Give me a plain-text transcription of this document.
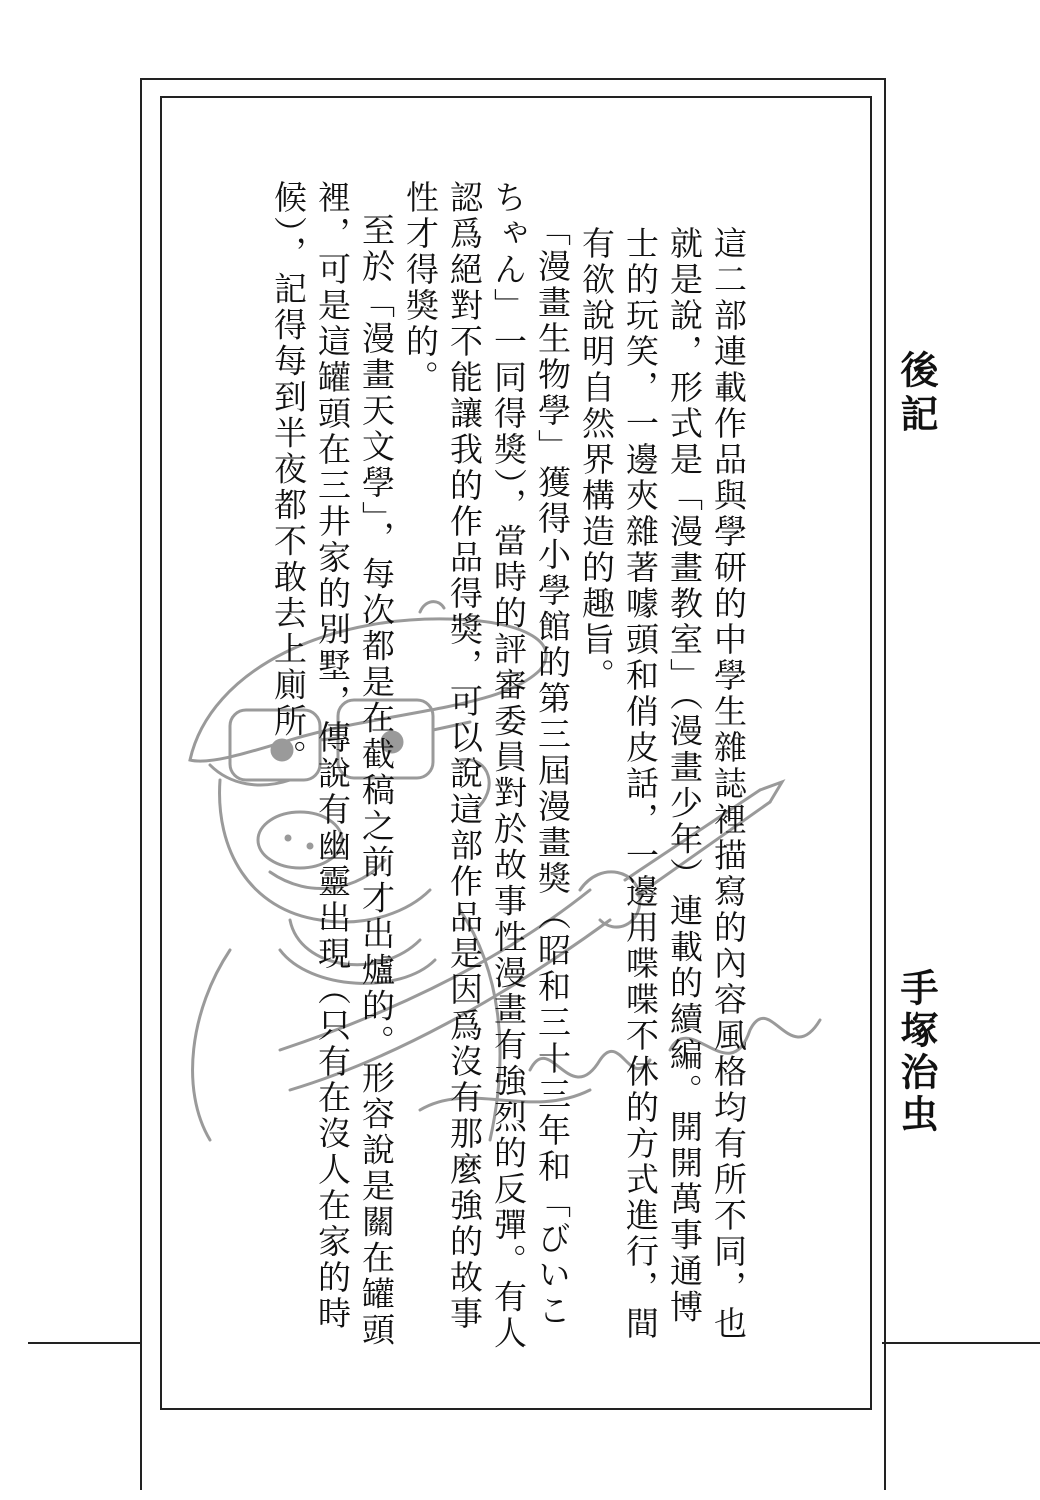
這二部連載作品與學研的中學生雜誌裡描寫的內容風格均有所不同，也就是說，形式是「漫畫教室」（漫畫少年）連載的續編。開開萬事通博士的玩笑，一邊夾雜著噱頭和俏皮話，一邊用喋喋不休的方式進行，間有欲說明自然界構造的趣旨。

「漫畫生物學」獲得小學館的第三屆漫畫獎（昭和三十三年和「びいこちゃん」一同得獎），當時的評審委員對於故事性漫畫有強烈的反彈。有人認爲絕對不能讓我的作品得獎，可以說這部作品是因爲沒有那麼強的故事性才得獎的。

至於「漫畫天文學」，每次都是在截稿之前才出爐的。形容說是關在罐頭裡，可是這罐頭在三井家的別墅，傳說有幽靈出現（只有在沒人在家的時候），記得每到半夜都不敢去上廁所。	後記
手塚治虫
